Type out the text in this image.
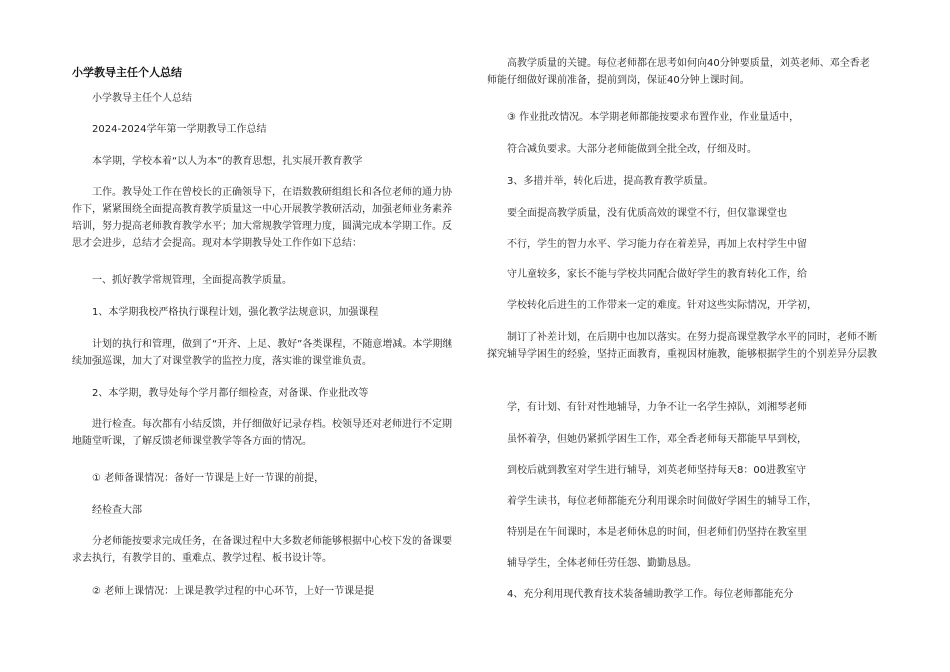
小学教导主任个人总结

小学教导主任个人总结

2024-2024学年第一学期教导工作总结

本学期，学校本着“以人为本”的教育思想，扎实展开教育教学

工作。教导处工作在曾校长的正确领导下，在语数教研组组长和各位老师的通力协作下，紧紧围绕全面提高教育教学质量这一中心开展教学教研活动，加强老师业务素养培训，努力提高老师教育教学水平；加大常规教学管理力度，圆满完成本学期工作。反思才会进步，总结才会提高。现对本学期教导处工作作如下总结：

一、抓好教学常规管理，全面提高教学质量。

1、本学期我校严格执行课程计划，强化教学法规意识，加强课程

计划的执行和管理，做到了“开齐、上足、教好”各类课程，不随意增减。本学期继续加强巡课，加大了对课堂教学的监控力度，落实谁的课堂谁负责。

2、本学期，教导处每个学月都仔细检查，对备课、作业批改等

进行检查。每次都有小结反馈，并仔细做好记录存档。校领导还对老师进行不定期地随堂听课，了解反馈老师课堂教学等各方面的情况。

① 老师备课情况：备好一节课是上好一节课的前提，

经检查大部

分老师能按要求完成任务，在备课过程中大多数老师能够根据中心校下发的备课要求去执行，有教学目的、重难点、教学过程、板书设计等。

② 老师上课情况：上课是教学过程的中心环节，上好一节课是提

高教学质量的关键。每位老师都在思考如何向40分钟要质量，刘英老师、邓全香老师能仔细做好课前准备，提前到岗，保证40分钟上课时间。

③ 作业批改情况。本学期老师都能按要求布置作业，作业量适中，

符合减负要求。大部分老师能做到全批全改，仔细及时。

3、多措并举，转化后进，提高教育教学质量。

要全面提高教学质量，没有优质高效的课堂不行，但仅靠课堂也

不行，学生的智力水平、学习能力存在着差异，再加上农村学生中留

守儿童较多，家长不能与学校共同配合做好学生的教育转化工作，给

学校转化后进生的工作带来一定的难度。针对这些实际情况，开学初，

制订了补差计划，在后期中也加以落实。在努力提高课堂教学水平的同时，老师不断探究辅导学困生的经验，坚持正面教育，重视因材施教，能够根据学生的个别差异分层教

学，有计划、有针对性地辅导，力争不让一名学生掉队，刘湘琴老师

虽怀着孕，但她仍紧抓学困生工作，邓全香老师每天都能早早到校，

到校后就到教室对学生进行辅导，刘英老师坚持每天8：00进教室守

着学生读书，每位老师都能充分利用课余时间做好学困生的辅导工作，

特别是在午间课时，本是老师休息的时间，但老师们仍坚持在教室里

辅导学生，全体老师任劳任怨、勤勤恳恳。

4、充分利用现代教育技术装备辅助教学工作。每位老师都能充分
